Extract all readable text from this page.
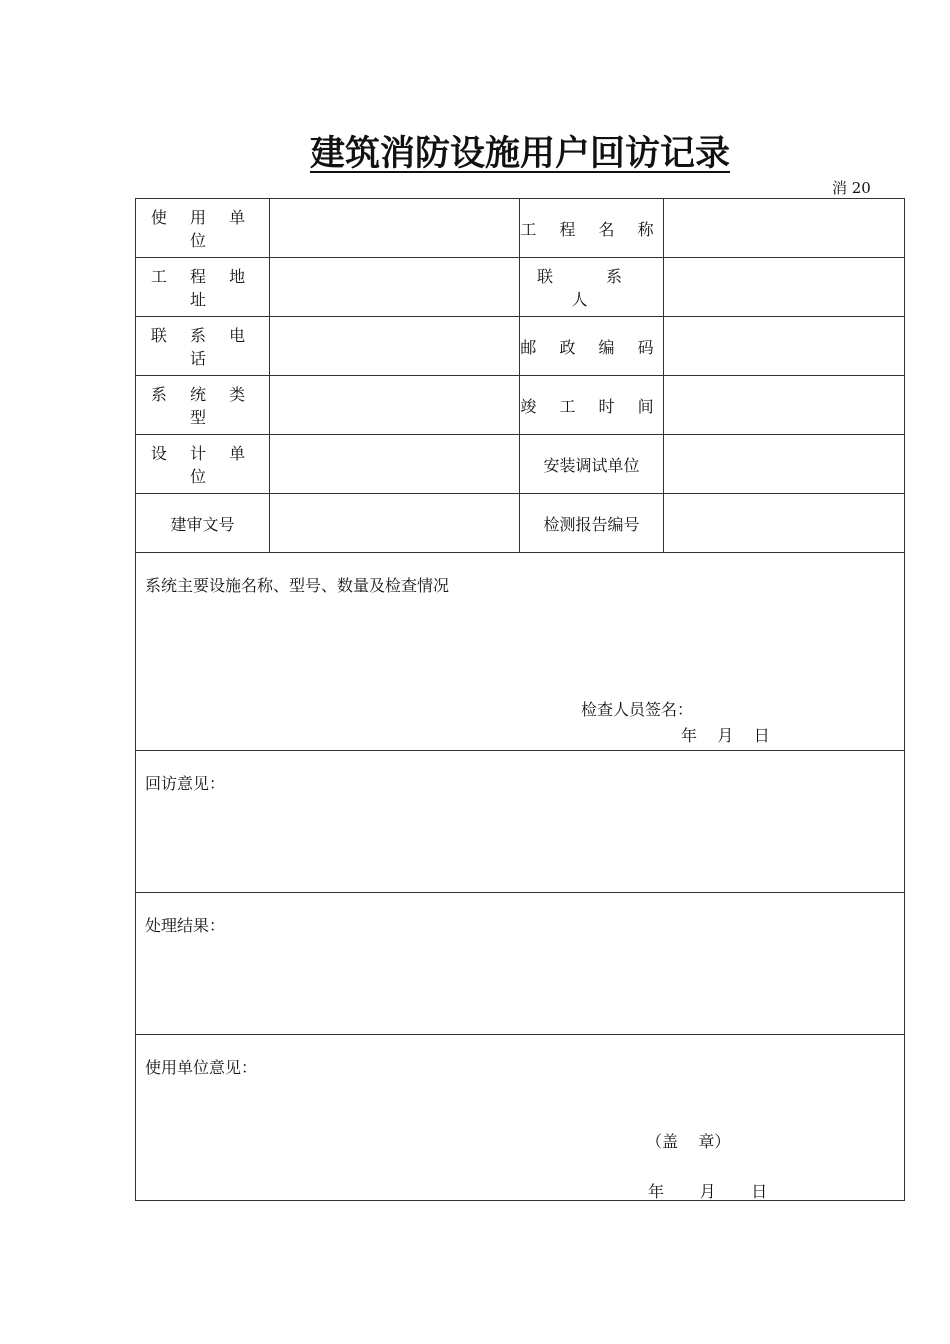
建筑消防设施用户回访记录
消 20
使 用 单 位		工 程 名 称	
工 程 地 址		联 系 人	
联 系 电 话		邮 政 编 码	
系 统 类 型		竣 工 时 间	
设 计 单 位		安装调试单位	
建审文号		检测报告编号	

系统主要设施名称、型号、数量及检查情况
检查人员签名：
年    月    日			

回访意见：			

处理结果：			

使用单位意见：
（盖    章）
年       月       日			
